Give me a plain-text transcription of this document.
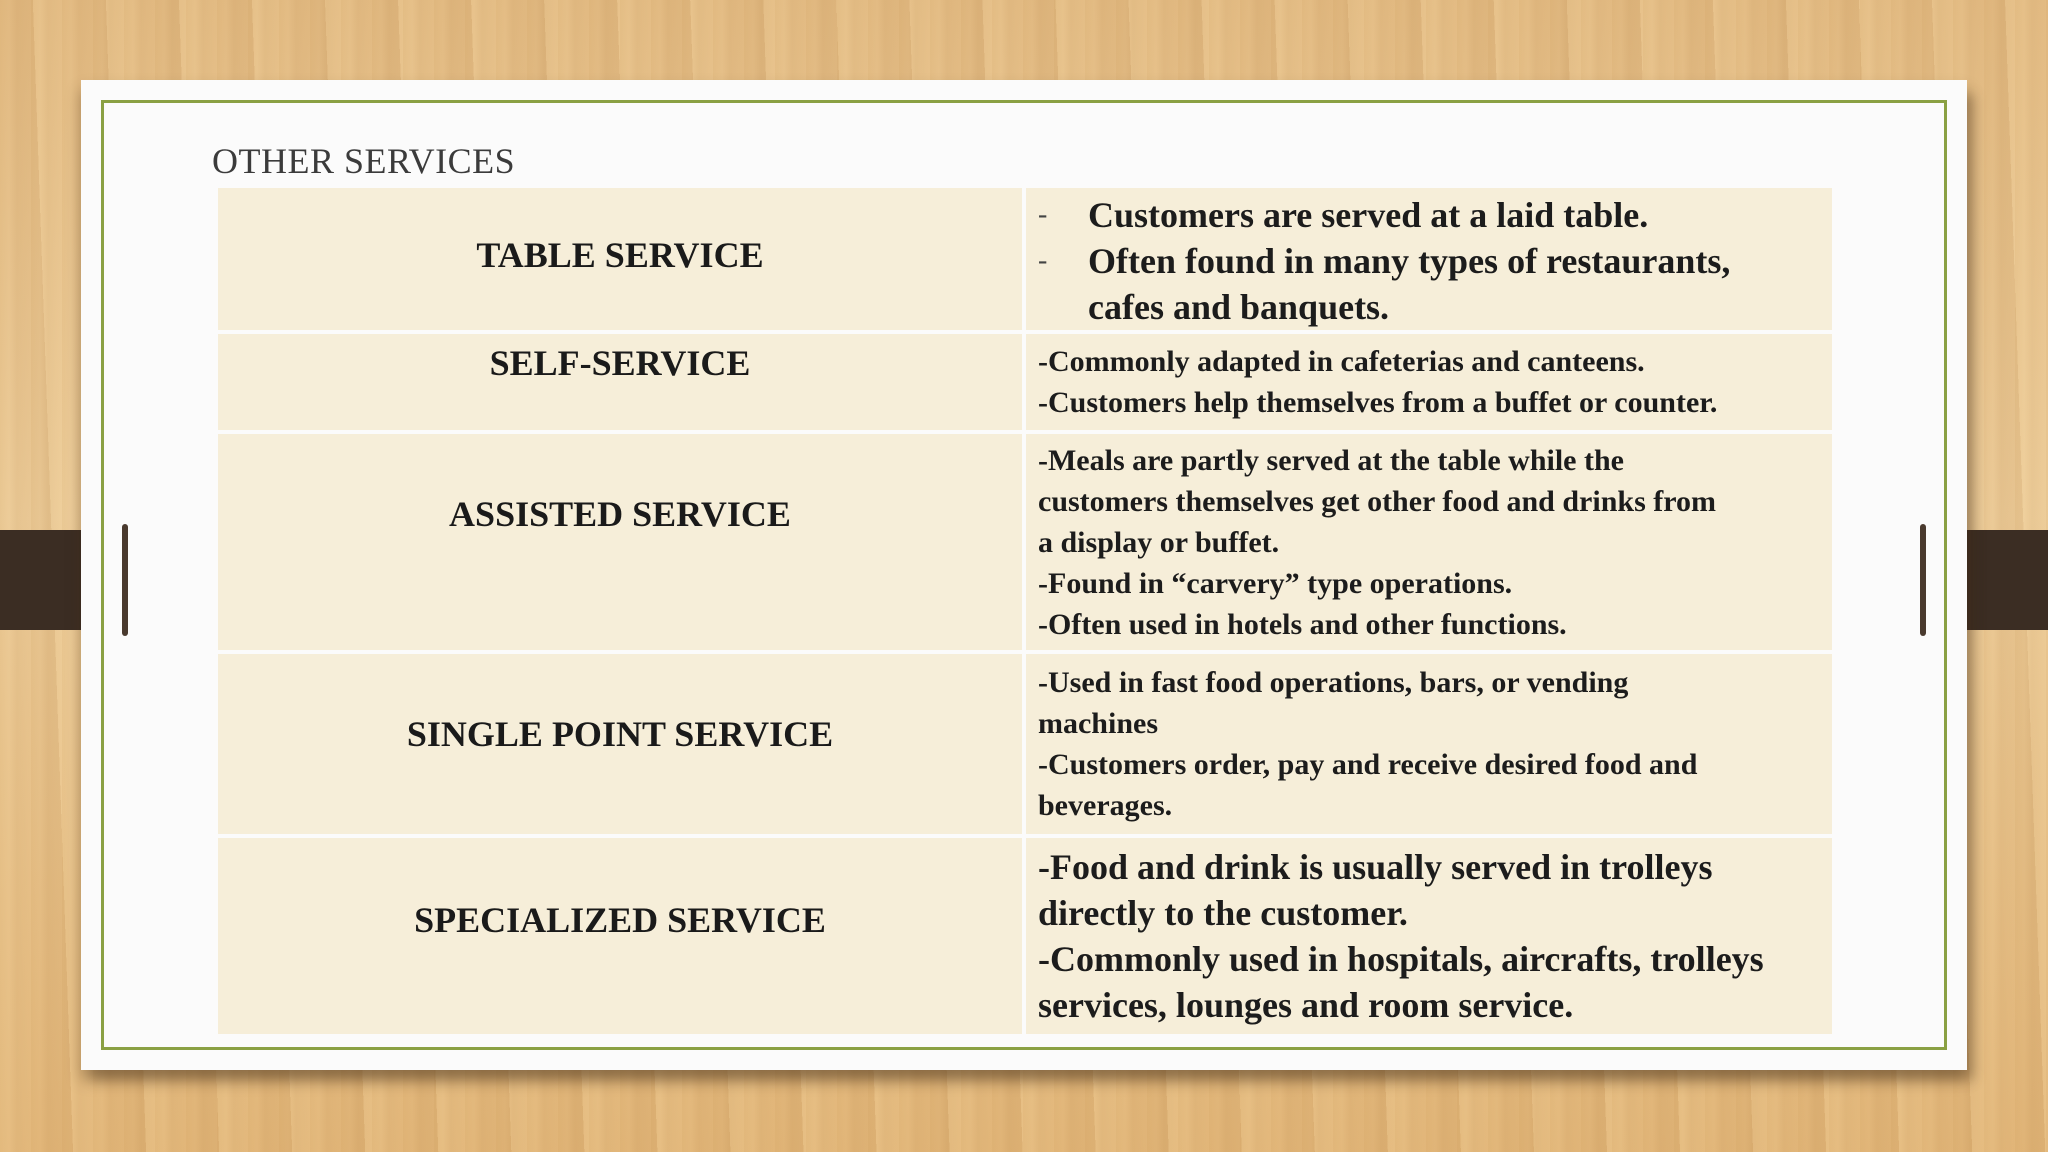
OTHER SERVICES
TABLE SERVICE	- Customers are served at a laid table.
- Often found in many types of restaurants,
cafes and banquets.

SELF-SERVICE	-Commonly adapted in cafeterias and canteens.
-Customers help themselves from a buffet or counter.

ASSISTED SERVICE	-Meals are partly served at the table while the
customers themselves get other food and drinks from
a display or buffet.
-Found in “carvery” type operations.
-Often used in hotels and other functions.

SINGLE POINT SERVICE	-Used in fast food operations, bars, or vending
machines
-Customers order, pay and receive desired food and
beverages.

SPECIALIZED SERVICE	-Food and drink is usually served in trolleys
directly to the customer.
-Commonly used in hospitals, aircrafts, trolleys
services, lounges and room service.
